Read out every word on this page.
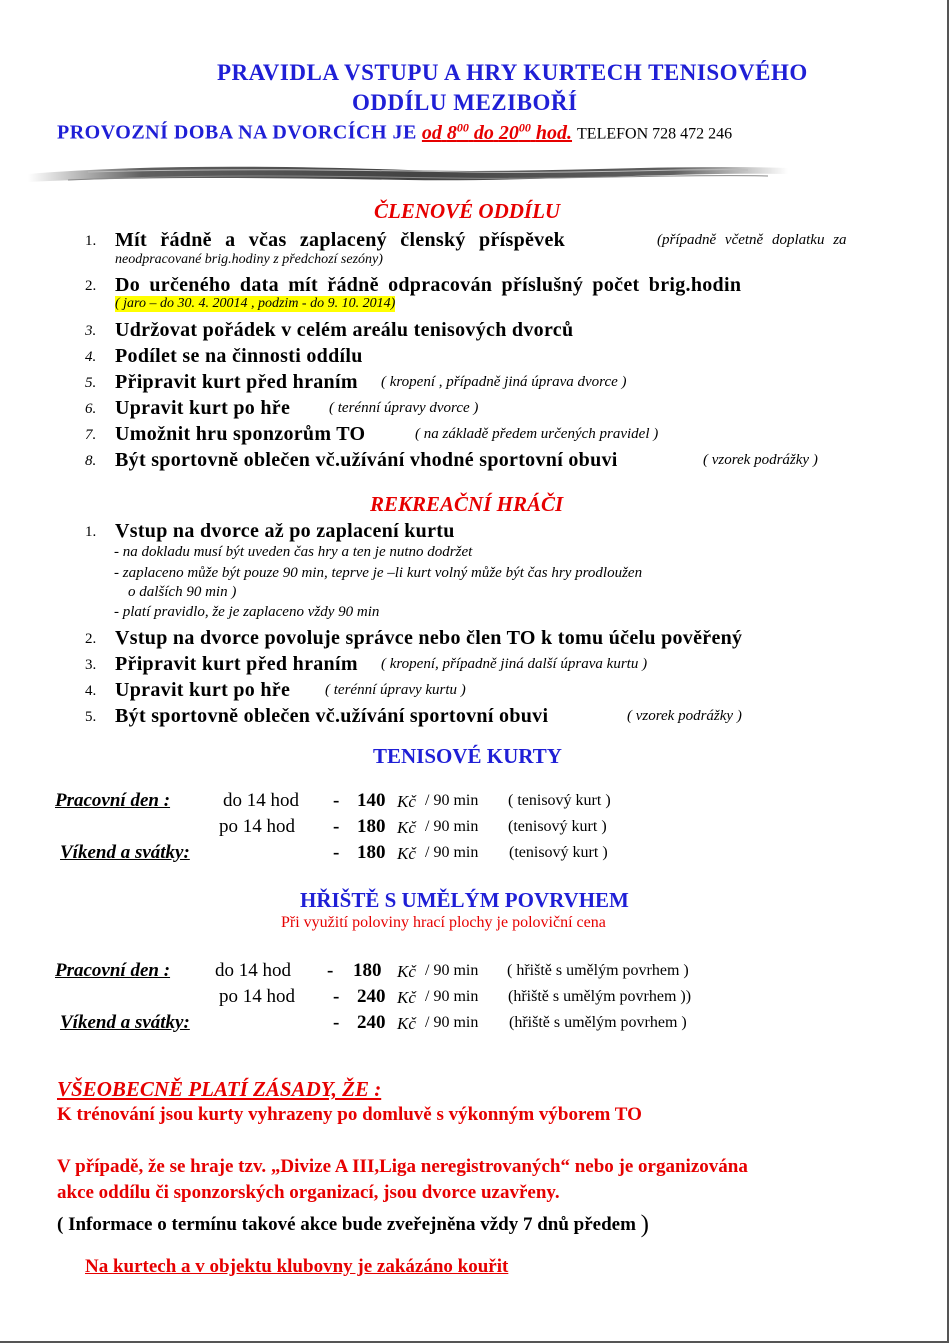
PRAVIDLA VSTUPU A HRY KURTECH TENISOVÉHO
ODDÍLU MEZIBOŘÍ
PROVOZNÍ DOBA NA DVORCÍCH JE od $8^{00}$ do $20^{00}$ hod. TELEFON 728 472 246
ČLENOVÉ ODDÍLU
1. Mít řádně a včas zaplacený členský příspěvek	(případně včetně doplatku za
neodpracované brig.hodiny z předchozí sezóny)
2. Do určeného data mít řádně odpracován příslušný počet brig.hodin
( jaro – do 30. 4. 20014 , podzim - do 9. 10. 2014)
3. Udržovat pořádek v celém areálu tenisových dvorců
4. Podílet se na činnosti oddílu
5. Připravit kurt před hraním ( kropení , případně jiná úprava dvorce )
6. Upravit kurt po hře	( terénní úpravy dvorce )
7. Umožnit hru sponzorům TO	( na základě předem určených pravidel )
8. Být sportovně oblečen vč.užívání vhodné sportovní obuvi	( vzorek podrážky )
REKREAČNÍ HRÁČI
1. Vstup na dvorce až po zaplacení kurtu
- na dokladu musí být uveden čas hry a ten je nutno dodržet
- zaplaceno může být pouze 90 min, teprve je –li kurt volný může být čas hry prodloužen
o dalších 90 min )
- platí pravidlo, že je zaplaceno vždy 90 min
2. Vstup na dvorce povoluje správce nebo člen TO k tomu účelu pověřený
3. Připravit kurt před hraním ( kropení, případně jiná další úprava kurtu )
4. Upravit kurt po hře ( terénní úpravy kurtu )
5. Být sportovně oblečen vč.užívání sportovní obuvi	( vzorek podrážky )
TENISOVÉ KURTY
Pracovní den :	do 14 hod - 140 Kč / 90 min ( tenisový kurt )
po 14 hod - 180 Kč / 90 min (tenisový kurt )
Víkend a svátky:	- 180 Kč / 90 min (tenisový kurt )
HŘIŠTĚ S UMĚLÝM POVRVHEM
Při využití poloviny hrací plochy je poloviční cena
Pracovní den : do 14 hod - 180 Kč / 90 min ( hřiště s umělým povrhem )
po 14 hod - 240 Kč / 90 min (hřiště s umělým povrhem ))
Víkend a svátky:	- 240 Kč / 90 min (hřiště s umělým povrhem )
VŠEOBECNĚ PLATÍ ZÁSADY, ŽE :
K trénování jsou kurty vyhrazeny po domluvě s výkonným výborem TO
V případě, že se hraje tzv. „Divize A III,Liga neregistrovaných“ nebo je organizována
akce oddílu či sponzorských organizací, jsou dvorce uzavřeny.
( Informace o termínu takové akce bude zveřejněna vždy 7 dnů předem )
Na kurtech a v objektu klubovny je zakázáno kouřit
